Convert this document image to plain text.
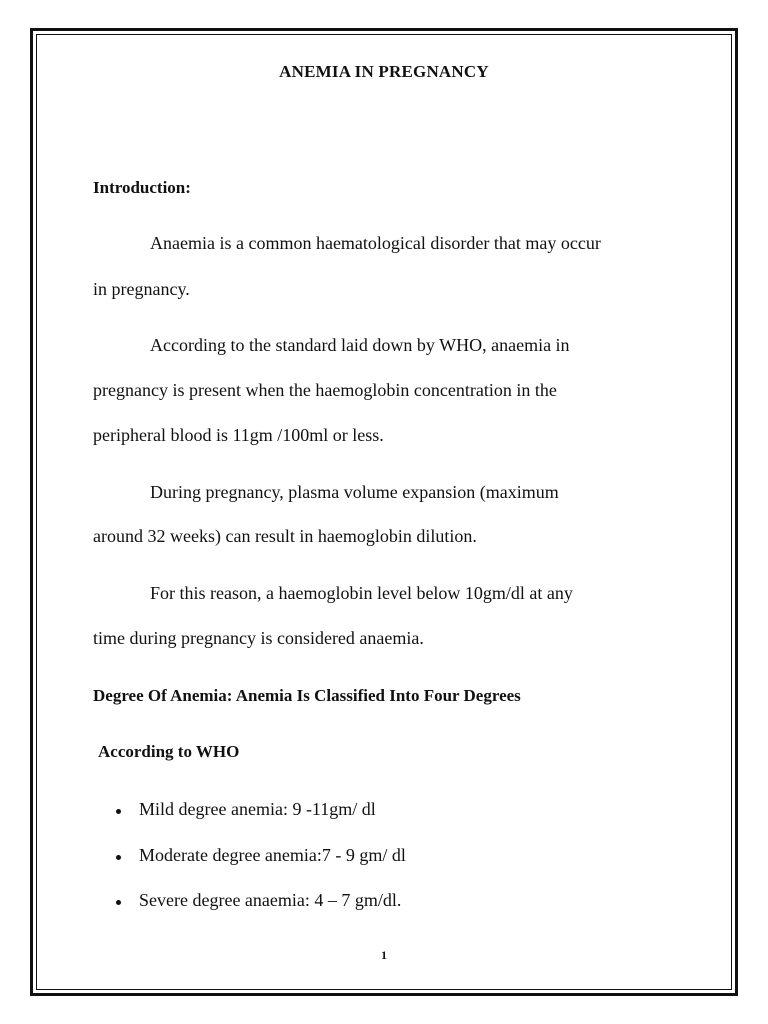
ANEMIA IN PREGNANCY
Introduction:
Anaemia is a common haematological disorder that may occur
in pregnancy.
According to the standard laid down by WHO, anaemia in
pregnancy is present when the haemoglobin concentration in the
peripheral blood is 11gm /100ml or less.
During pregnancy, plasma volume expansion (maximum
around 32 weeks) can result in haemoglobin dilution.
For this reason, a haemoglobin level below 10gm/dl at any
time during pregnancy is considered anaemia.
Degree Of Anemia: Anemia Is Classified Into Four Degrees
According to WHO
Mild degree anemia: 9 -11gm/ dl
Moderate degree anemia:7 - 9 gm/ dl
Severe degree anaemia: 4 – 7 gm/dl.
1
